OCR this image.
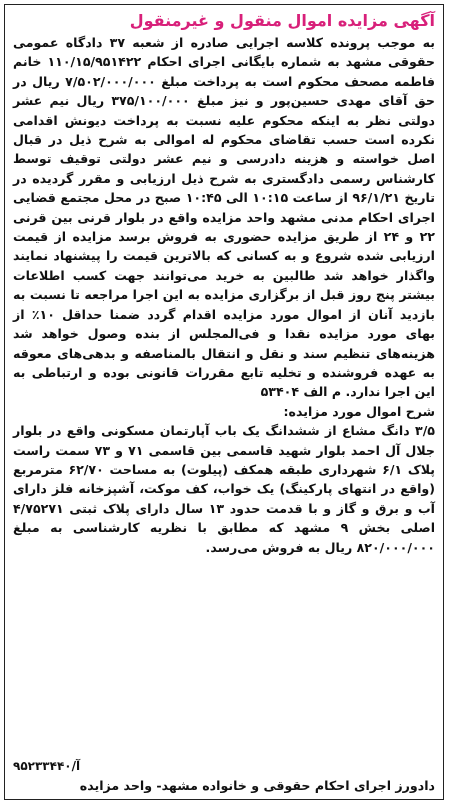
آگهی مزایده اموال منقول و غیرمنقول
به موجب پرونده کلاسه اجرایی صادره از شعبه ۳۷ دادگاه عمومی حقوقی مشهد به شماره بایگانی اجرای احکام ۱۱۰/۱۵/۹۵۱۴۲۲ خانم فاطمه مصحف محکوم است به پرداخت مبلغ ۷/۵۰۲/۰۰۰/۰۰۰ ریال در حق آقای مهدی حسین‌پور و نیز مبلغ ۳۷۵/۱۰۰/۰۰۰ ریال نیم عشر دولتی نظر به اینکه محکوم علیه نسبت به پرداخت دیونش اقدامی نکرده است حسب تقاضای محکوم له اموالی به شرح ذیل در قبال اصل خواسته و هزینه دادرسی و نیم عشر دولتی توقیف توسط کارشناس رسمی دادگستری به شرح ذیل ارزیابی و مقرر گردیده در تاریخ ۹۶/۱/۲۱ از ساعت ۱۰:۱۵ الی ۱۰:۴۵ صبح در محل مجتمع قضایی اجرای احکام مدنی مشهد واحد مزایده واقع در بلوار قرنی بین قرنی ۲۲ و ۲۴ از طریق مزایده حضوری به فروش برسد مزایده از قیمت ارزیابی شده شروع و به کسانی که بالاترین قیمت را پیشنهاد نمایند واگذار خواهد شد طالبین به خرید می‌توانند جهت کسب اطلاعات بیشتر پنج روز قبل از برگزاری مزایده به این اجرا مراجعه تا نسبت به بازدید آنان از اموال مورد مزایده اقدام گردد ضمنا حداقل ۱۰٪ از بهای مورد مزایده نقدا و فی‌المجلس از بنده وصول خواهد شد هزینه‌های تنظیم سند و نقل و انتقال بالمناصفه و بدهی‌های معوقه به عهده فروشنده و تخلیه تابع مقررات قانونی بوده و ارتباطی به این اجرا ندارد. م الف ۵۳۴۰۴
شرح اموال مورد مزایده:
۳/۵ دانگ مشاع از ششدانگ یک باب آپارتمان مسکونی واقع در بلوار جلال آل احمد بلوار شهید قاسمی بین قاسمی ۷۱ و ۷۳ سمت راست پلاک ۶/۱ شهرداری طبقه همکف (پیلوت) به مساحت ۶۲/۷۰ مترمربع (واقع در انتهای پارکینگ) یک خواب، کف موکت، آشپزخانه فلز دارای آب و برق و گاز و با قدمت حدود ۱۳ سال دارای پلاک ثبتی ۴/۷۵۲۷۱ اصلی بخش ۹ مشهد که مطابق با نظریه کارشناسی به مبلغ ۸۲۰/۰۰۰/۰۰۰ ریال به فروش می‌رسد.
۹۵۲۳۳۴۴۰/آ
دادورز اجرای احکام حقوقی و خانواده مشهد- واحد مزایده
